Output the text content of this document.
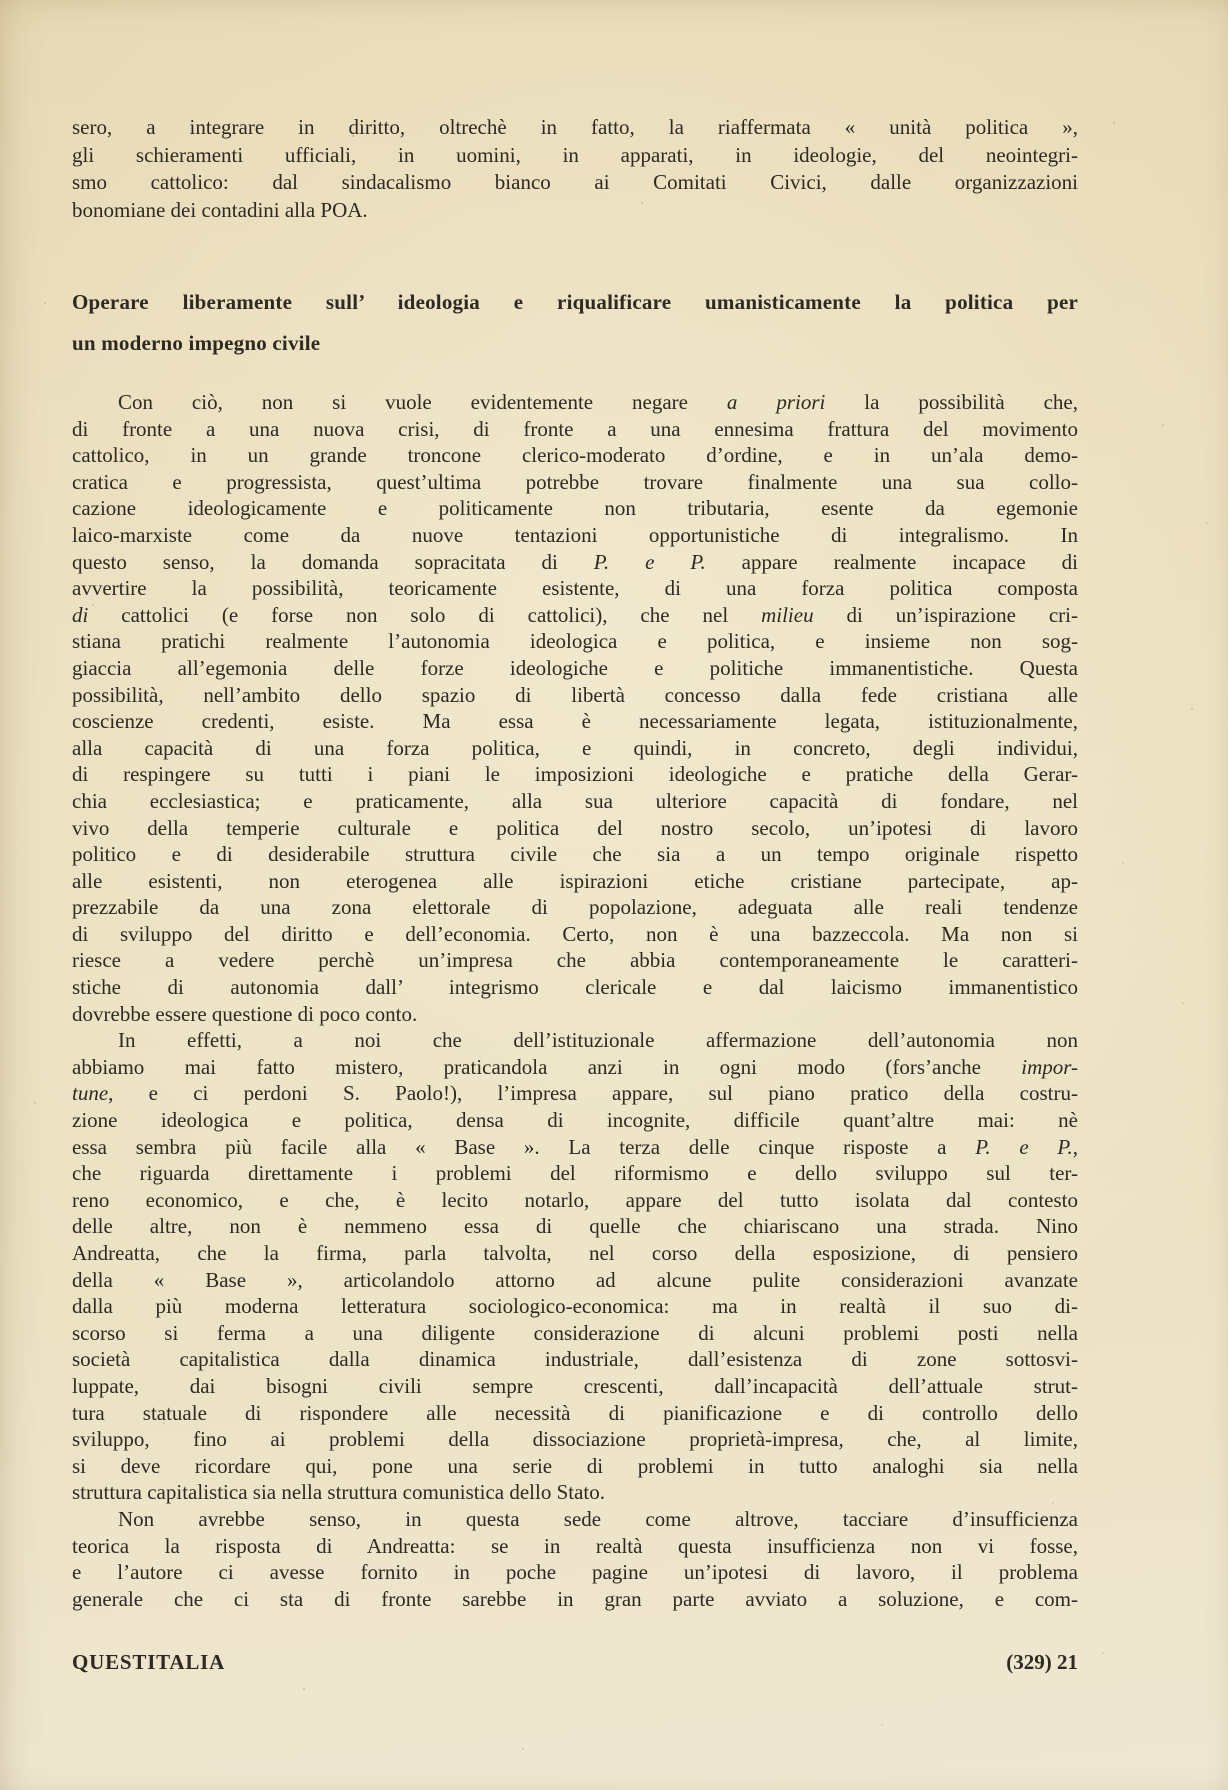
sero, a integrare in diritto, oltrechè in fatto, la riaffermata « unità politica »,
gli schieramenti ufficiali, in uomini, in apparati, in ideologie, del neointegri-
smo cattolico: dal sindacalismo bianco ai Comitati Civici, dalle organizzazioni
bonomiane dei contadini alla POA.
Operare liberamente sull’ ideologia e riqualificare umanisticamente la politica per
un moderno impegno civile
Con ciò, non si vuole evidentemente negare a priori la possibilità che,
di fronte a una nuova crisi, di fronte a una ennesima frattura del movimento
cattolico, in un grande troncone clerico-moderato d’ordine, e in un’ala demo-
cratica e progressista, quest’ultima potrebbe trovare finalmente una sua collo-
cazione ideologicamente e politicamente non tributaria, esente da egemonie
laico-marxiste come da nuove tentazioni opportunistiche di integralismo. In
questo senso, la domanda sopracitata di P. e P. appare realmente incapace di
avvertire la possibilità, teoricamente esistente, di una forza politica composta
di cattolici (e forse non solo di cattolici), che nel milieu di un’ispirazione cri-
stiana pratichi realmente l’autonomia ideologica e politica, e insieme non sog-
giaccia all’egemonia delle forze ideologiche e politiche immanentistiche. Questa
possibilità, nell’ambito dello spazio di libertà concesso dalla fede cristiana alle
coscienze credenti, esiste. Ma essa è necessariamente legata, istituzionalmente,
alla capacità di una forza politica, e quindi, in concreto, degli individui,
di respingere su tutti i piani le imposizioni ideologiche e pratiche della Gerar-
chia ecclesiastica; e praticamente, alla sua ulteriore capacità di fondare, nel
vivo della temperie culturale e politica del nostro secolo, un’ipotesi di lavoro
politico e di desiderabile struttura civile che sia a un tempo originale rispetto
alle esistenti, non eterogenea alle ispirazioni etiche cristiane partecipate, ap-
prezzabile da una zona elettorale di popolazione, adeguata alle reali tendenze
di sviluppo del diritto e dell’economia. Certo, non è una bazzeccola. Ma non si
riesce a vedere perchè un’impresa che abbia contemporaneamente le caratteri-
stiche di autonomia dall’ integrismo clericale e dal laicismo immanentistico
dovrebbe essere questione di poco conto.
In effetti, a noi che dell’istituzionale affermazione dell’autonomia non
abbiamo mai fatto mistero, praticandola anzi in ogni modo (fors’anche impor-
tune, e ci perdoni S. Paolo!), l’impresa appare, sul piano pratico della costru-
zione ideologica e politica, densa di incognite, difficile quant’altre mai: nè
essa sembra più facile alla « Base ». La terza delle cinque risposte a P. e P.,
che riguarda direttamente i problemi del riformismo e dello sviluppo sul ter-
reno economico, e che, è lecito notarlo, appare del tutto isolata dal contesto
delle altre, non è nemmeno essa di quelle che chiariscano una strada. Nino
Andreatta, che la firma, parla talvolta, nel corso della esposizione, di pensiero
della « Base », articolandolo attorno ad alcune pulite considerazioni avanzate
dalla più moderna letteratura sociologico-economica: ma in realtà il suo di-
scorso si ferma a una diligente considerazione di alcuni problemi posti nella
società capitalistica dalla dinamica industriale, dall’esistenza di zone sottosvi-
luppate, dai bisogni civili sempre crescenti, dall’incapacità dell’attuale strut-
tura statuale di rispondere alle necessità di pianificazione e di controllo dello
sviluppo, fino ai problemi della dissociazione proprietà-impresa, che, al limite,
si deve ricordare qui, pone una serie di problemi in tutto analoghi sia nella
struttura capitalistica sia nella struttura comunistica dello Stato.
Non avrebbe senso, in questa sede come altrove, tacciare d’insufficienza
teorica la risposta di Andreatta: se in realtà questa insufficienza non vi fosse,
e l’autore ci avesse fornito in poche pagine un’ipotesi di lavoro, il problema
generale che ci sta di fronte sarebbe in gran parte avviato a soluzione, e com-
QUESTITALIA	(329) 21
